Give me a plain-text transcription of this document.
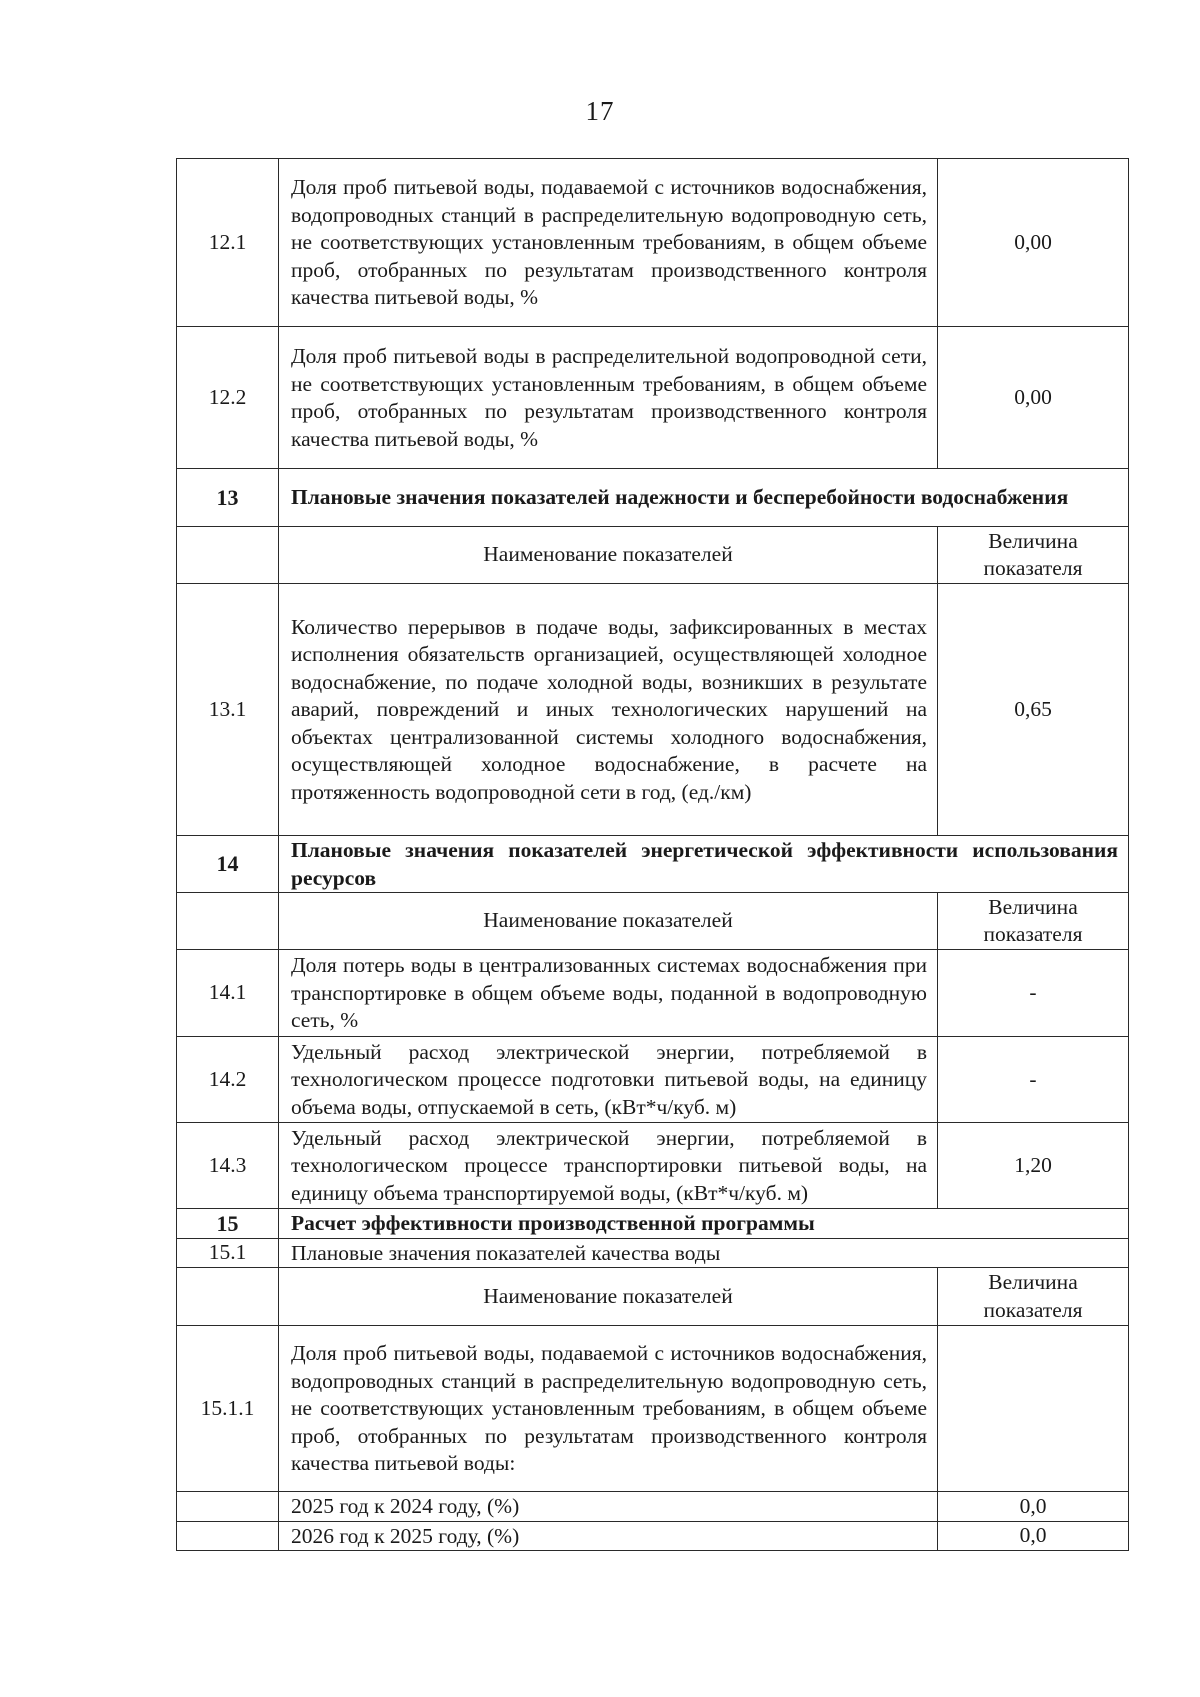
17
12.1	Доля проб питьевой воды, подаваемой с источников водоснабжения, водопроводных станций в распределительную водопроводную сеть, не соответствующих установленным требованиям, в общем объеме проб, отобранных по результатам производственного контроля качества питьевой воды, %	0,00
12.2	Доля проб питьевой воды в распределительной водопроводной сети, не соответствующих установленным требованиям, в общем объеме проб, отобранных по результатам производственного контроля качества питьевой воды, %	0,00
13	Плановые значения показателей надежности и бесперебойности водоснабжения	
	Наименование показателей	Величина показателя
13.1	Количество перерывов в подаче воды, зафиксированных в местах исполнения обязательств организацией, осуществляющей холодное водоснабжение, по подаче холодной воды, возникших в результате аварий, повреждений и иных технологических нарушений на объектах централизованной системы холодного водоснабжения, осуществляющей холодное водоснабжение, в расчете на протяженность водопроводной сети в год, (ед./км)	0,65
14	Плановые значения показателей энергетической эффективности использования ресурсов	
	Наименование показателей	Величина показателя
14.1	Доля потерь воды в централизованных системах водоснабжения при транспортировке в общем объеме воды, поданной в водопроводную сеть, %	-
14.2	Удельный расход электрической энергии, потребляемой в технологическом процессе подготовки питьевой воды, на единицу объема воды, отпускаемой в сеть, (кВт*ч/куб. м)	-
14.3	Удельный расход электрической энергии, потребляемой в технологическом процессе транспортировки питьевой воды, на единицу объема транспортируемой воды, (кВт*ч/куб. м)	1,20
15	Расчет эффективности производственной программы	
15.1	Плановые значения показателей качества воды	
	Наименование показателей	Величина показателя
15.1.1	Доля проб питьевой воды, подаваемой с источников водоснабжения, водопроводных станций в распределительную водопроводную сеть, не соответствующих установленным требованиям, в общем объеме проб, отобранных по результатам производственного контроля качества питьевой воды:	
	2025 год к 2024 году, (%)	0,0
	2026 год к 2025 году, (%)	0,0
